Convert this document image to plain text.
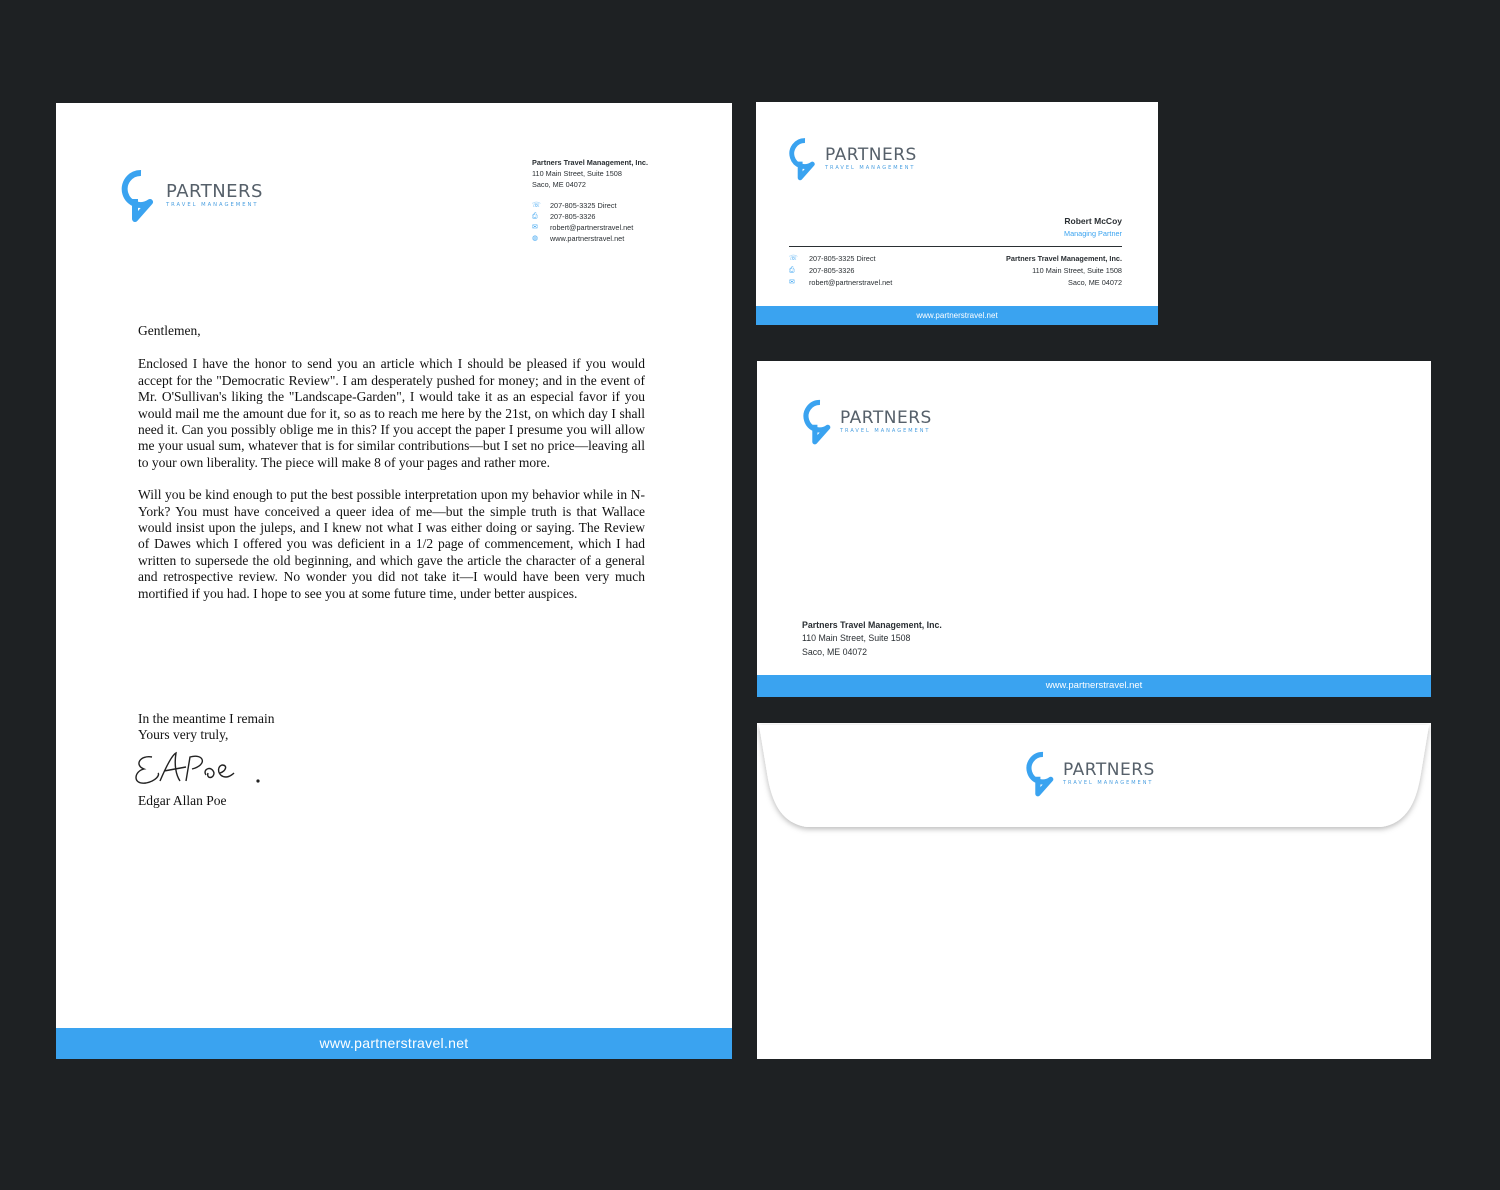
PARTNERS
TRAVEL MANAGEMENT
Partners Travel Management, Inc.
110 Main Street, Suite 1508
Saco, ME 04072
☏	207-805-3325 Direct
⎙	207-805-3326
✉	robert@partnerstravel.net
◍	www.partnerstravel.net

Gentlemen,

Enclosed I have the honor to send you an article which I should be pleased if you would accept for the "Democratic Review". I am desperately pushed for money; and in the event of Mr. O'Sullivan's liking the "Landscape-Garden", I would take it as an especial favor if you would mail me the amount due for it, so as to reach me here by the 21st, on which day I shall need it. Can you possibly oblige me in this? If you accept the paper I presume you will allow me your usual sum, whatever that is for similar contributions—but I set no price—leaving all to your own liberality. The piece will make 8 of your pages and rather more.

Will you be kind enough to put the best possible interpretation upon my behavior while in N-York? You must have conceived a queer idea of me—but the simple truth is that Wallace would insist upon the juleps, and I knew not what I was either doing or saying. The Review of Dawes which I offered you was deficient in a 1/2 page of commencement, which I had written to supersede the old beginning, and which gave the article the character of a general and retrospective review. No wonder you did not take it—I would have been very much mortified if you had. I hope to see you at some future time, under better auspices.

In the meantime I remain
Yours very truly,
Edgar Allan Poe
www.partnerstravel.net
PARTNERS
TRAVEL MANAGEMENT
Robert McCoy
Managing Partner
☏	207-805-3325 Direct
⎙	207-805-3326
✉	robert@partnerstravel.net
Partners Travel Management, Inc.
110 Main Street, Suite 1508
Saco, ME 04072
www.partnerstravel.net
PARTNERS
TRAVEL MANAGEMENT
Partners Travel Management, Inc.
110 Main Street, Suite 1508
Saco, ME 04072
www.partnerstravel.net
PARTNERS
TRAVEL MANAGEMENT
